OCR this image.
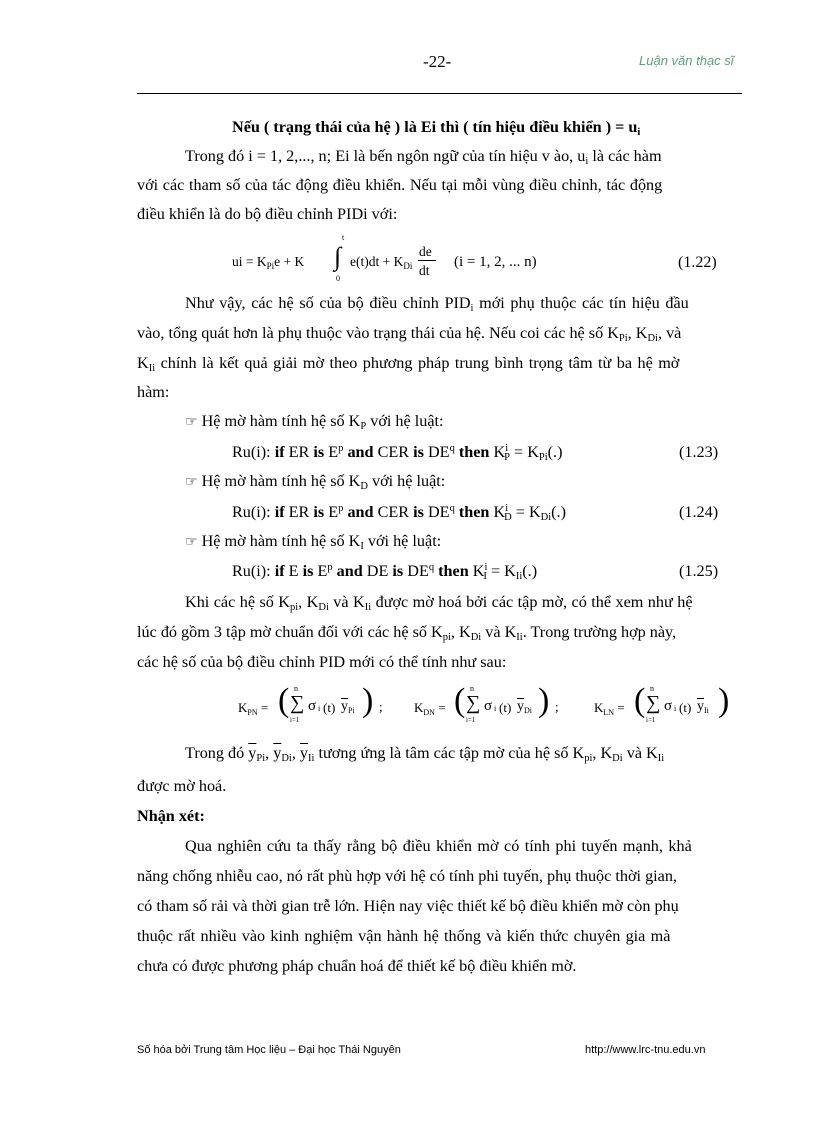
-22-	Luận văn thạc sĩ
Nếu ( trạng thái của hệ ) là Ei thì ( tín hiệu điều khiển ) = $u_i$
Trong đó i = 1, 2,..., n; Ei là bến ngôn ngữ của tín hiệu v ào, $u_i$ là các hàm
với các tham số của tác động điều khiển. Nếu tại mỗi vùng điều chỉnh, tác động
điều khiển là do bộ điều chỉnh PIDi với:
ui = $K_{Pi}e + K$ ∫
t
0
$e(t)dt + K_{Di}$
de
dt
(i = 1, 2, ... n)	(1.22)
Như vậy, các hệ số của bộ điều chỉnh $PID_i$ mới phụ thuộc các tín hiệu đầu
vào, tổng quát hơn là phụ thuộc vào trạng thái của hệ. Nếu coi các hệ số $K_{Pi}$, $K_{Di}$, và
$K_{Ii}$ chính là kết quả giải mờ theo phương pháp trung bình trọng tâm từ ba hệ mờ
hàm:
☞ Hệ mờ hàm tính hệ số $K_P$ với hệ luật:
Ru(i): if ER is $E^p$ and CER is $DE^q$ then $K^i_P = K_{Pi}(.)$	(1.23)
☞ Hệ mờ hàm tính hệ số $K_D$ với hệ luật:
Ru(i): if ER is $E^p$ and CER is $DE^q$ then $K^i_D = K_{Di}(.)$	(1.24)
☞ Hệ mờ hàm tính hệ số $K_I$ với hệ luật:
Ru(i): if E is $E^p$ and DE is $DE^q$ then $K^i_I = K_{Ii}(.)$	(1.25)
Khi các hệ số $K_{pi}$, $K_{Di}$ và $K_{Ii}$ được mờ hoá bởi các tập mờ, có thể xem như hệ
lúc đó gồm 3 tập mờ chuẩn đối với các hệ số $K_{pi}$, $K_{Di}$ và $K_{Ii}$. Trong trường hợp này,
các hệ số của bộ điều chỉnh PID mới có thể tính như sau:
$K_{PN}$ = ( n
∑
i=1
σ i (t) $\overline{y}$ Pi ) ; $K_{DN}$ = ( n
∑
i=1
σ i (t) $\overline{y}$ Di ) ;	$K_{LN}$ = ( n
∑
i=1
σ i (t) $\overline{y}$ Ii )
Trong đó $\overline{y}_{Pi}$, $\overline{y}_{Di}$, $\overline{y}_{Ii}$ tương ứng là tâm các tập mờ của hệ số $K_{pi}$, $K_{Di}$ và $K_{Ii}$
được mờ hoá.
Nhận xét:
Qua nghiên cứu ta thấy rằng bộ điều khiển mờ có tính phi tuyến mạnh, khả
năng chống nhiễu cao, nó rất phù hợp với hệ có tính phi tuyến, phụ thuộc thời gian,
có tham số rải và thời gian trễ lớn. Hiện nay việc thiết kế bộ điều khiển mờ còn phụ
thuộc rất nhiều vào kinh nghiệm vận hành hệ thống và kiến thức chuyên gia mà
chưa có được phương pháp chuẩn hoá để thiết kế bộ điều khiển mờ.
Số hóa bởi Trung tâm Học liệu – Đại học Thái Nguyên	http://www.lrc-tnu.edu.vn
